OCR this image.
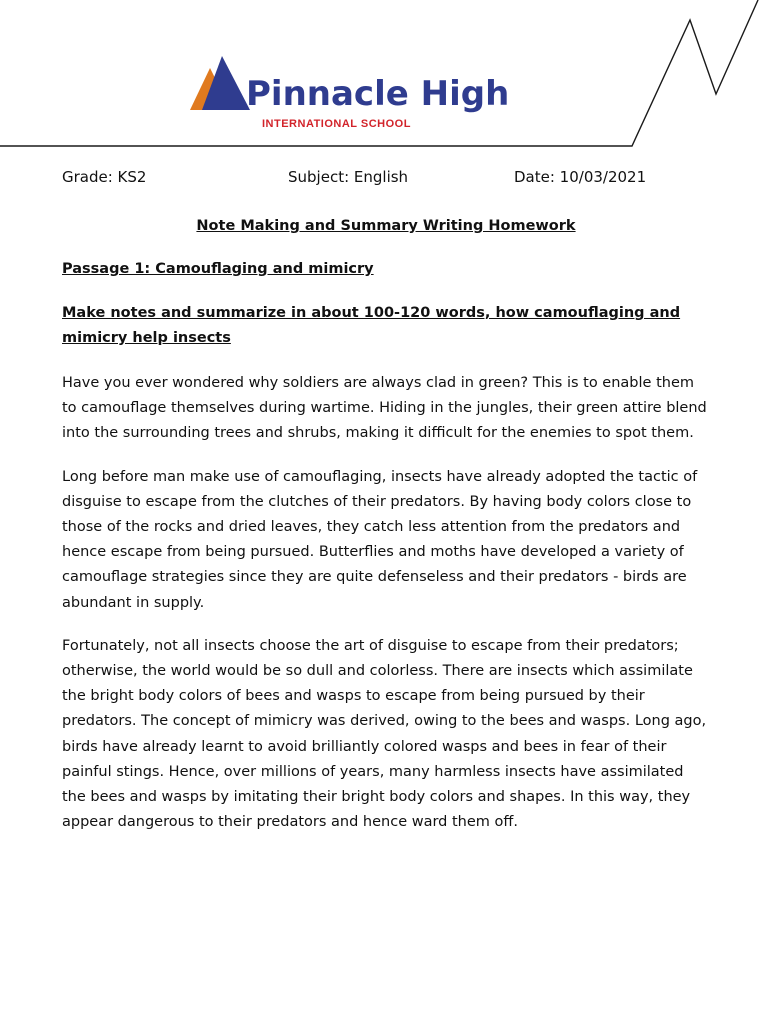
Pinnacle High
INTERNATIONAL SCHOOL
Grade: KS2	Subject: English	Date: 10/03/2021
Note Making and Summary Writing Homework
Passage 1: Camouflaging and mimicry
Make notes and summarize in about 100-120 words, how camouflaging and mimicry help insects

Have you ever wondered why soldiers are always clad in green? This is to enable them to camouflage themselves during wartime. Hiding in the jungles, their green attire blend into the surrounding trees and shrubs, making it difficult for the enemies to spot them.

Long before man make use of camouflaging, insects have already adopted the tactic of disguise to escape from the clutches of their predators. By having body colors close to those of the rocks and dried leaves, they catch less attention from the predators and hence escape from being pursued. Butterflies and moths have developed a variety of camouflage strategies since they are quite defenseless and their predators - birds are abundant in supply.

Fortunately, not all insects choose the art of disguise to escape from their predators; otherwise, the world would be so dull and colorless. There are insects which assimilate the bright body colors of bees and wasps to escape from being pursued by their predators. The concept of mimicry was derived, owing to the bees and wasps. Long ago, birds have already learnt to avoid brilliantly colored wasps and bees in fear of their painful stings. Hence, over millions of years, many harmless insects have assimilated the bees and wasps by imitating their bright body colors and shapes. In this way, they appear dangerous to their predators and hence ward them off.
